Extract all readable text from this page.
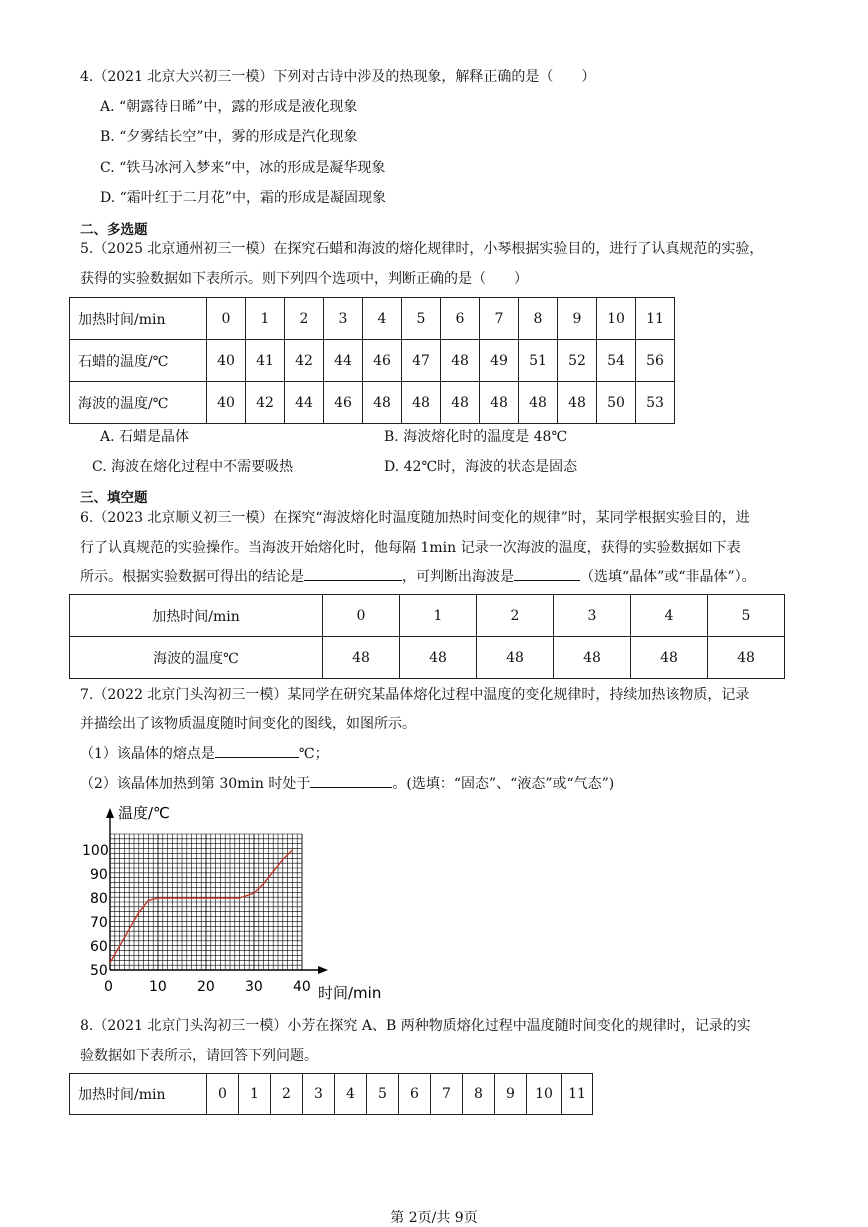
4.（2021 北京大兴初三一模）下列对古诗中涉及的热现象，解释正确的是（　　）
A. “朝露待日晞”中，露的形成是液化现象
B. “夕雾结长空”中，雾的形成是汽化现象
C. “铁马冰河入梦来”中，冰的形成是凝华现象
D. “霜叶红于二月花”中，霜的形成是凝固现象
二、多选题
5.（2025 北京通州初三一模）在探究石蜡和海波的熔化规律时，小琴根据实验目的，进行了认真规范的实验，
获得的实验数据如下表所示。则下列四个选项中，判断正确的是（　　）
加热时间/min	0	1	2	3	4	5	6	7	8	9	10	11
石蜡的温度/℃	40	41	42	44	46	47	48	49	51	52	54	56
海波的温度/℃	40	42	44	46	48	48	48	48	48	48	50	53
A. 石蜡是晶体	B. 海波熔化时的温度是 48℃
C. 海波在熔化过程中不需要吸热	D. 42℃时，海波的状态是固态
三、填空题
6.（2023 北京顺义初三一模）在探究“海波熔化时温度随加热时间变化的规律”时，某同学根据实验目的，进
行了认真规范的实验操作。当海波开始熔化时，他每隔 1min 记录一次海波的温度，获得的实验数据如下表
所示。根据实验数据可得出的结论是	，可判断出海波是	（选填“晶体”或“非晶体”）。
加热时间/min	0	1	2	3	4	5
海波的温度℃	48	48	48	48	48	48
7.（2022 北京门头沟初三一模）某同学在研究某晶体熔化过程中温度的变化规律时，持续加热该物质，记录
并描绘出了该物质温度随时间变化的图线，如图所示。
（1）该晶体的熔点是	℃；
（2）该晶体加热到第 30min 时处于	。(选填：“固态”、“液态”或“气态”)
0	10 20 30 40
50
60
70
80
90
100
温度/℃
时间/min
8.（2021 北京门头沟初三一模）小芳在探究 A、B 两种物质熔化过程中温度随时间变化的规律时，记录的实
验数据如下表所示，请回答下列问题。
加热时间/min	0	1	2	3	4	5	6	7	8	9	10	11
第 2页/共 9页
